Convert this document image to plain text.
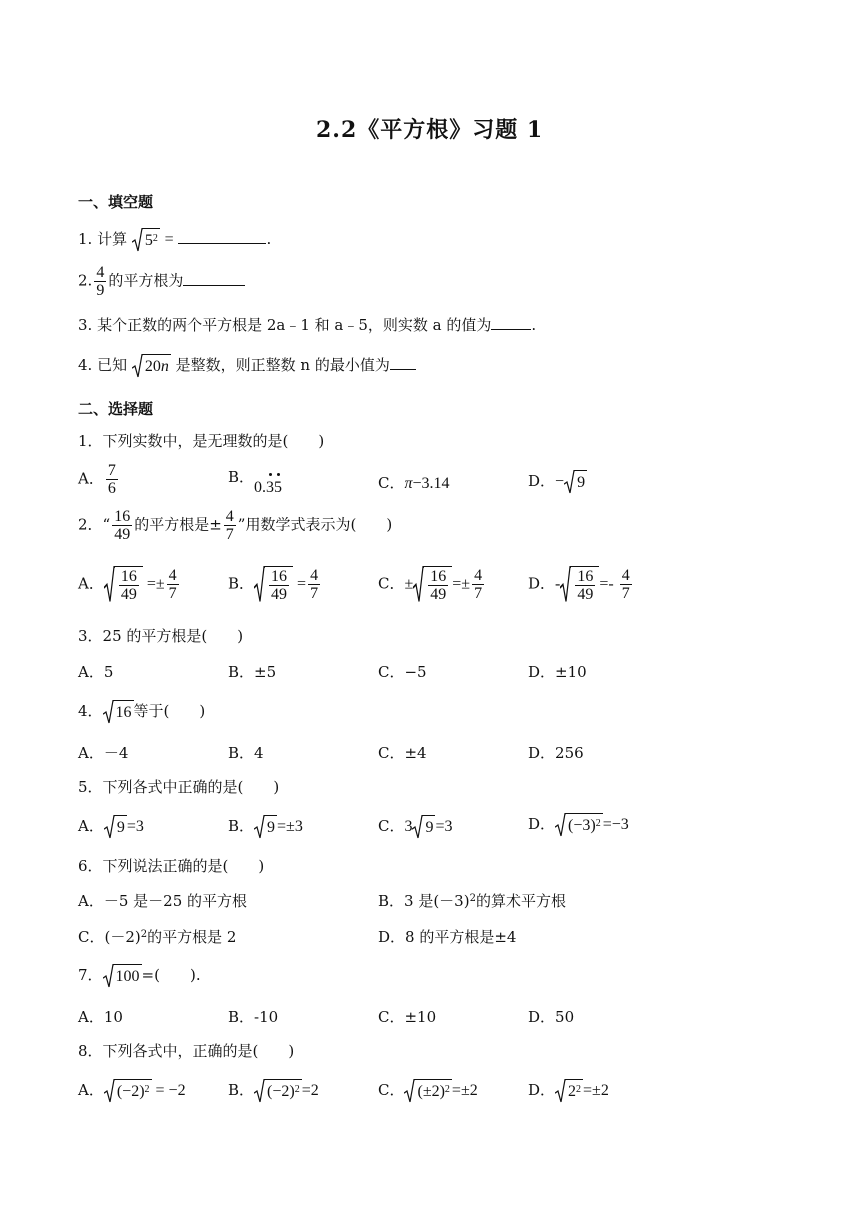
2.2《平方根》习题 1
一、填空题
1. 计算 $5^2$ =	.
2. $\frac{4}{9}$ 的平方根为
3. 某个正数的两个平方根是 2a﹣1 和 a﹣5，则实数 a 的值为	.
4. 已知 20 n 是整数，则正整数 n 的最小值为
二、选择题
1．下列实数中，是无理数的是(　　)
A． $\frac{7}{6}$	B．0.35	C．π−3.14	D．− 9
2．“ $\frac{16}{49}$ 的平方根是± $\frac{4}{7}$ ”用数学式表示为(　　)
A． $\frac{16}{49} =\pm \frac{4}{7}$	B． $\frac{16}{49} = \frac{4}{7}$	C．± $\frac{16}{49} =\pm \frac{4}{7}$	D．- $\frac{16}{49} =- \frac{4}{7}$
3．25 的平方根是(　　)
A．5	B．±5	C．−5	D．±10
4． 16 等于(　　)
A．－4	B．4	C．±4	D．256
5．下列各式中正确的是(　　)
A． 9 =3	B． 9 =±3	C．3 9 =3	D． $(-3)^2 =-3$
6．下列说法正确的是(　　)
A．－5 是－25 的平方根	B．3 是$(-3)^2$的算术平方根
C．$(-2)^2$的平方根是 2	D．8 的平方根是±4
7． 100 =(　　).
A．10	B．-10	C．±10	D．50
8．下列各式中，正确的是(　　)
A． $(-2)^2 = -2$	B． $(-2)^2 =2$	C． $(\pm 2)^2 =\pm 2$	D． $2^2 =\pm 2$
